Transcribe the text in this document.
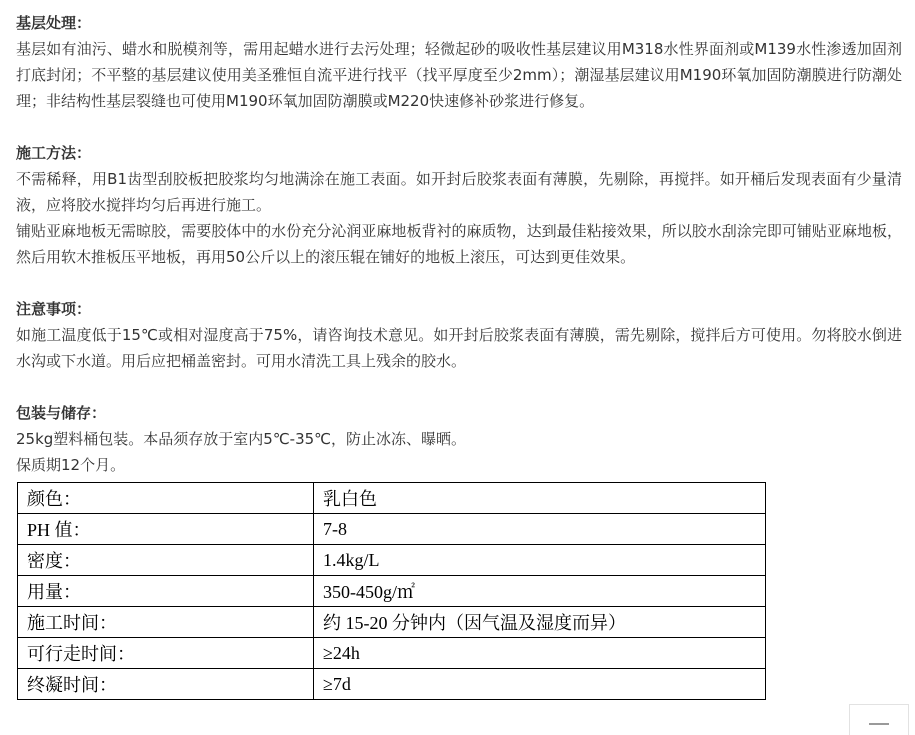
基层处理：

基层如有油污、蜡水和脱模剂等，需用起蜡水进行去污处理；轻微起砂的吸收性基层建议用M318水性界面剂或M139水性渗透加固剂打底封闭；不平整的基层建议使用美圣雅恒自流平进行找平（找平厚度至少2mm）；潮湿基层建议用M190环氧加固防潮膜进行防潮处理；非结构性基层裂缝也可使用M190环氧加固防潮膜或M220快速修补砂浆进行修复。

施工方法：

不需稀释，用B1齿型刮胶板把胶浆均匀地满涂在施工表面。如开封后胶浆表面有薄膜，先剔除，再搅拌。如开桶后发现表面有少量清液，应将胶水搅拌均匀后再进行施工。

铺贴亚麻地板无需晾胶，需要胶体中的水份充分沁润亚麻地板背衬的麻质物，达到最佳粘接效果，所以胶水刮涂完即可铺贴亚麻地板，然后用软木推板压平地板，再用50公斤以上的滚压辊在铺好的地板上滚压，可达到更佳效果。

注意事项：

如施工温度低于15℃或相对湿度高于75%，请咨询技术意见。如开封后胶浆表面有薄膜，需先剔除，搅拌后方可使用。勿将胶水倒进水沟或下水道。用后应把桶盖密封。可用水清洗工具上残余的胶水。

包装与储存：

25kg塑料桶包装。本品须存放于室内5℃-35℃，防止冰冻、曝晒。

保质期12个月。

颜色：	乳白色
PH 值：	7-8
密度：	1.4kg/L
用量：	350-450g/㎡
施工时间：	约 15-20 分钟内（因气温及湿度而异）
可行走时间：	≥24h
终凝时间：	≥7d
